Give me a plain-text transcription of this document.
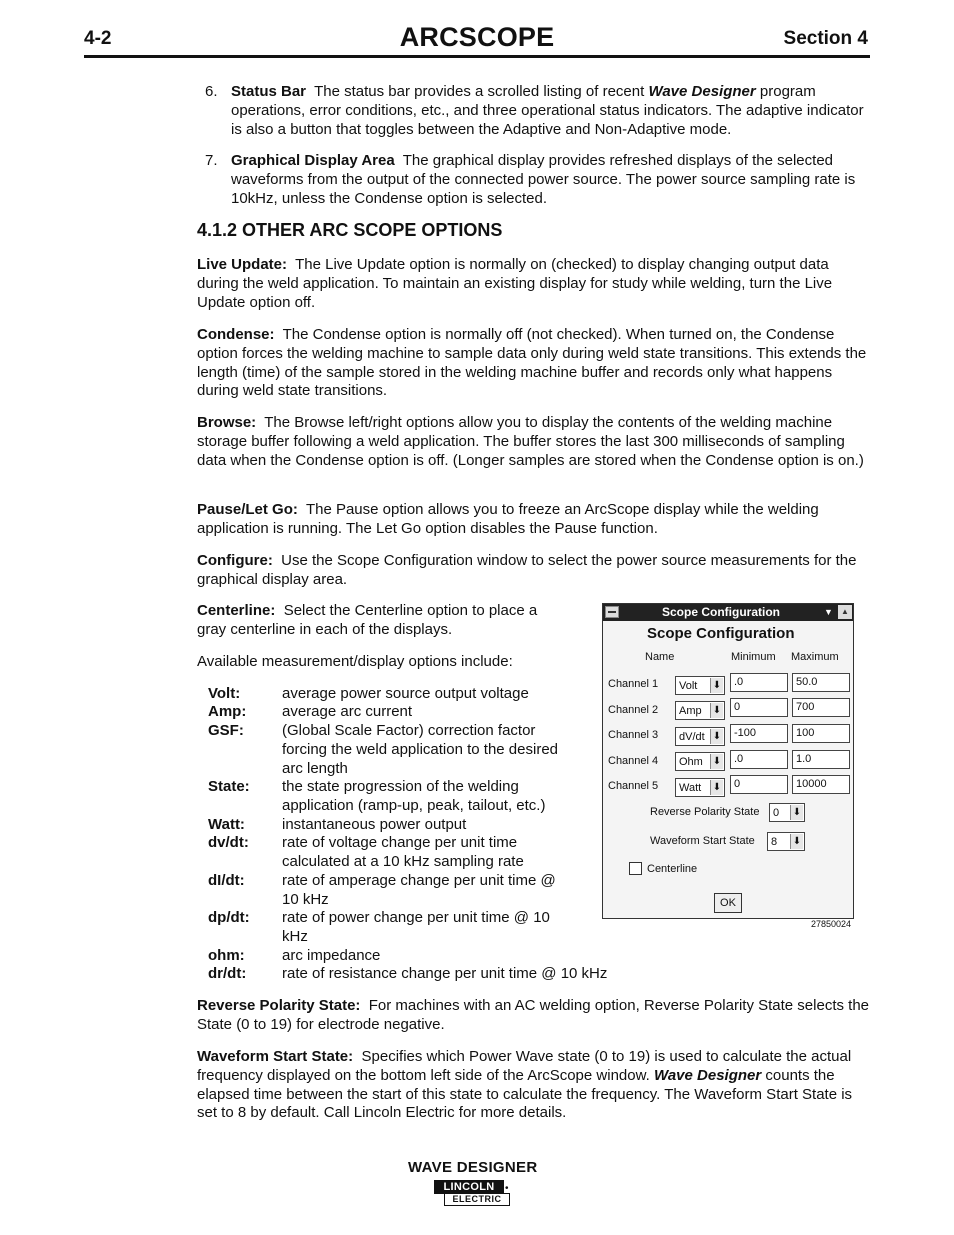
4-2	ARCSCOPE	Section 4
6. Status Bar The status bar provides a scrolled listing of recent Wave Designer program operations, error conditions, etc., and three operational status indicators. The adaptive indicator is also a button that toggles between the Adaptive and Non-Adaptive mode.
7. Graphical Display Area The graphical display provides refreshed displays of the selected waveforms from the output of the connected power source. The power source sampling rate is 10kHz, unless the Condense option is selected.
4.1.2 OTHER ARC SCOPE OPTIONS
Live Update: The Live Update option is normally on (checked) to display changing output data during the weld application. To maintain an existing display for study while welding, turn the Live Update option off.
Condense: The Condense option is normally off (not checked). When turned on, the Condense option forces the welding machine to sample data only during weld state transitions. This extends the length (time) of the sample stored in the welding machine buffer and records only what happens during weld state transitions.
Browse: The Browse left/right options allow you to display the contents of the welding machine storage buffer following a weld application. The buffer stores the last 300 milliseconds of sampling data when the Condense option is off. (Longer samples are stored when the Condense option is on.)
Pause/Let Go: The Pause option allows you to freeze an ArcScope display while the welding application is running. The Let Go option disables the Pause function.
Configure: Use the Scope Configuration window to select the power source measurements for the graphical display area.
Centerline: Select the Centerline option to place a gray centerline in each of the displays.
Available measurement/display options include:
Volt:	average power source output voltage
Amp: average arc current
GSF:	(Global Scale Factor) correction factor
forcing the weld application to the desired
arc length
State: the state progression of the welding
application (ramp-up, peak, tailout, etc.)
Watt: instantaneous power output
dv/dt: rate of voltage change per unit time
calculated at a 10 kHz sampling rate
dI/dt: rate of amperage change per unit time @
10 kHz
dp/dt: rate of power change per unit time @ 10
kHz
ohm: arc impedance
dr/dt: rate of resistance change per unit time @ 10 kHz
Scope Configuration	▼	▲
Scope Configuration
Name	Minimum Maximum
Channel 1	Volt ⬇	.0	50.0
Channel 2	Amp ⬇	0	700
Channel 3	dV/dt ⬇	-100	100
Channel 4	Ohm ⬇	.0	1.0
Channel 5	Watt ⬇	0	10000
Reverse Polarity State	0 ⬇
Waveform Start State	8 ⬇
Centerline
OK
27850024
Reverse Polarity State: For machines with an AC welding option, Reverse Polarity State selects the State (0 to 19) for electrode negative.
Waveform Start State: Specifies which Power Wave state (0 to 19) is used to calculate the actual frequency displayed on the bottom left side of the ArcScope window. Wave Designer counts the elapsed time between the start of this state to calculate the frequency. The Waveform Start State is set to 8 by default. Call Lincoln Electric for more details.
WAVE DESIGNER
LINCOLN	•
ELECTRIC
